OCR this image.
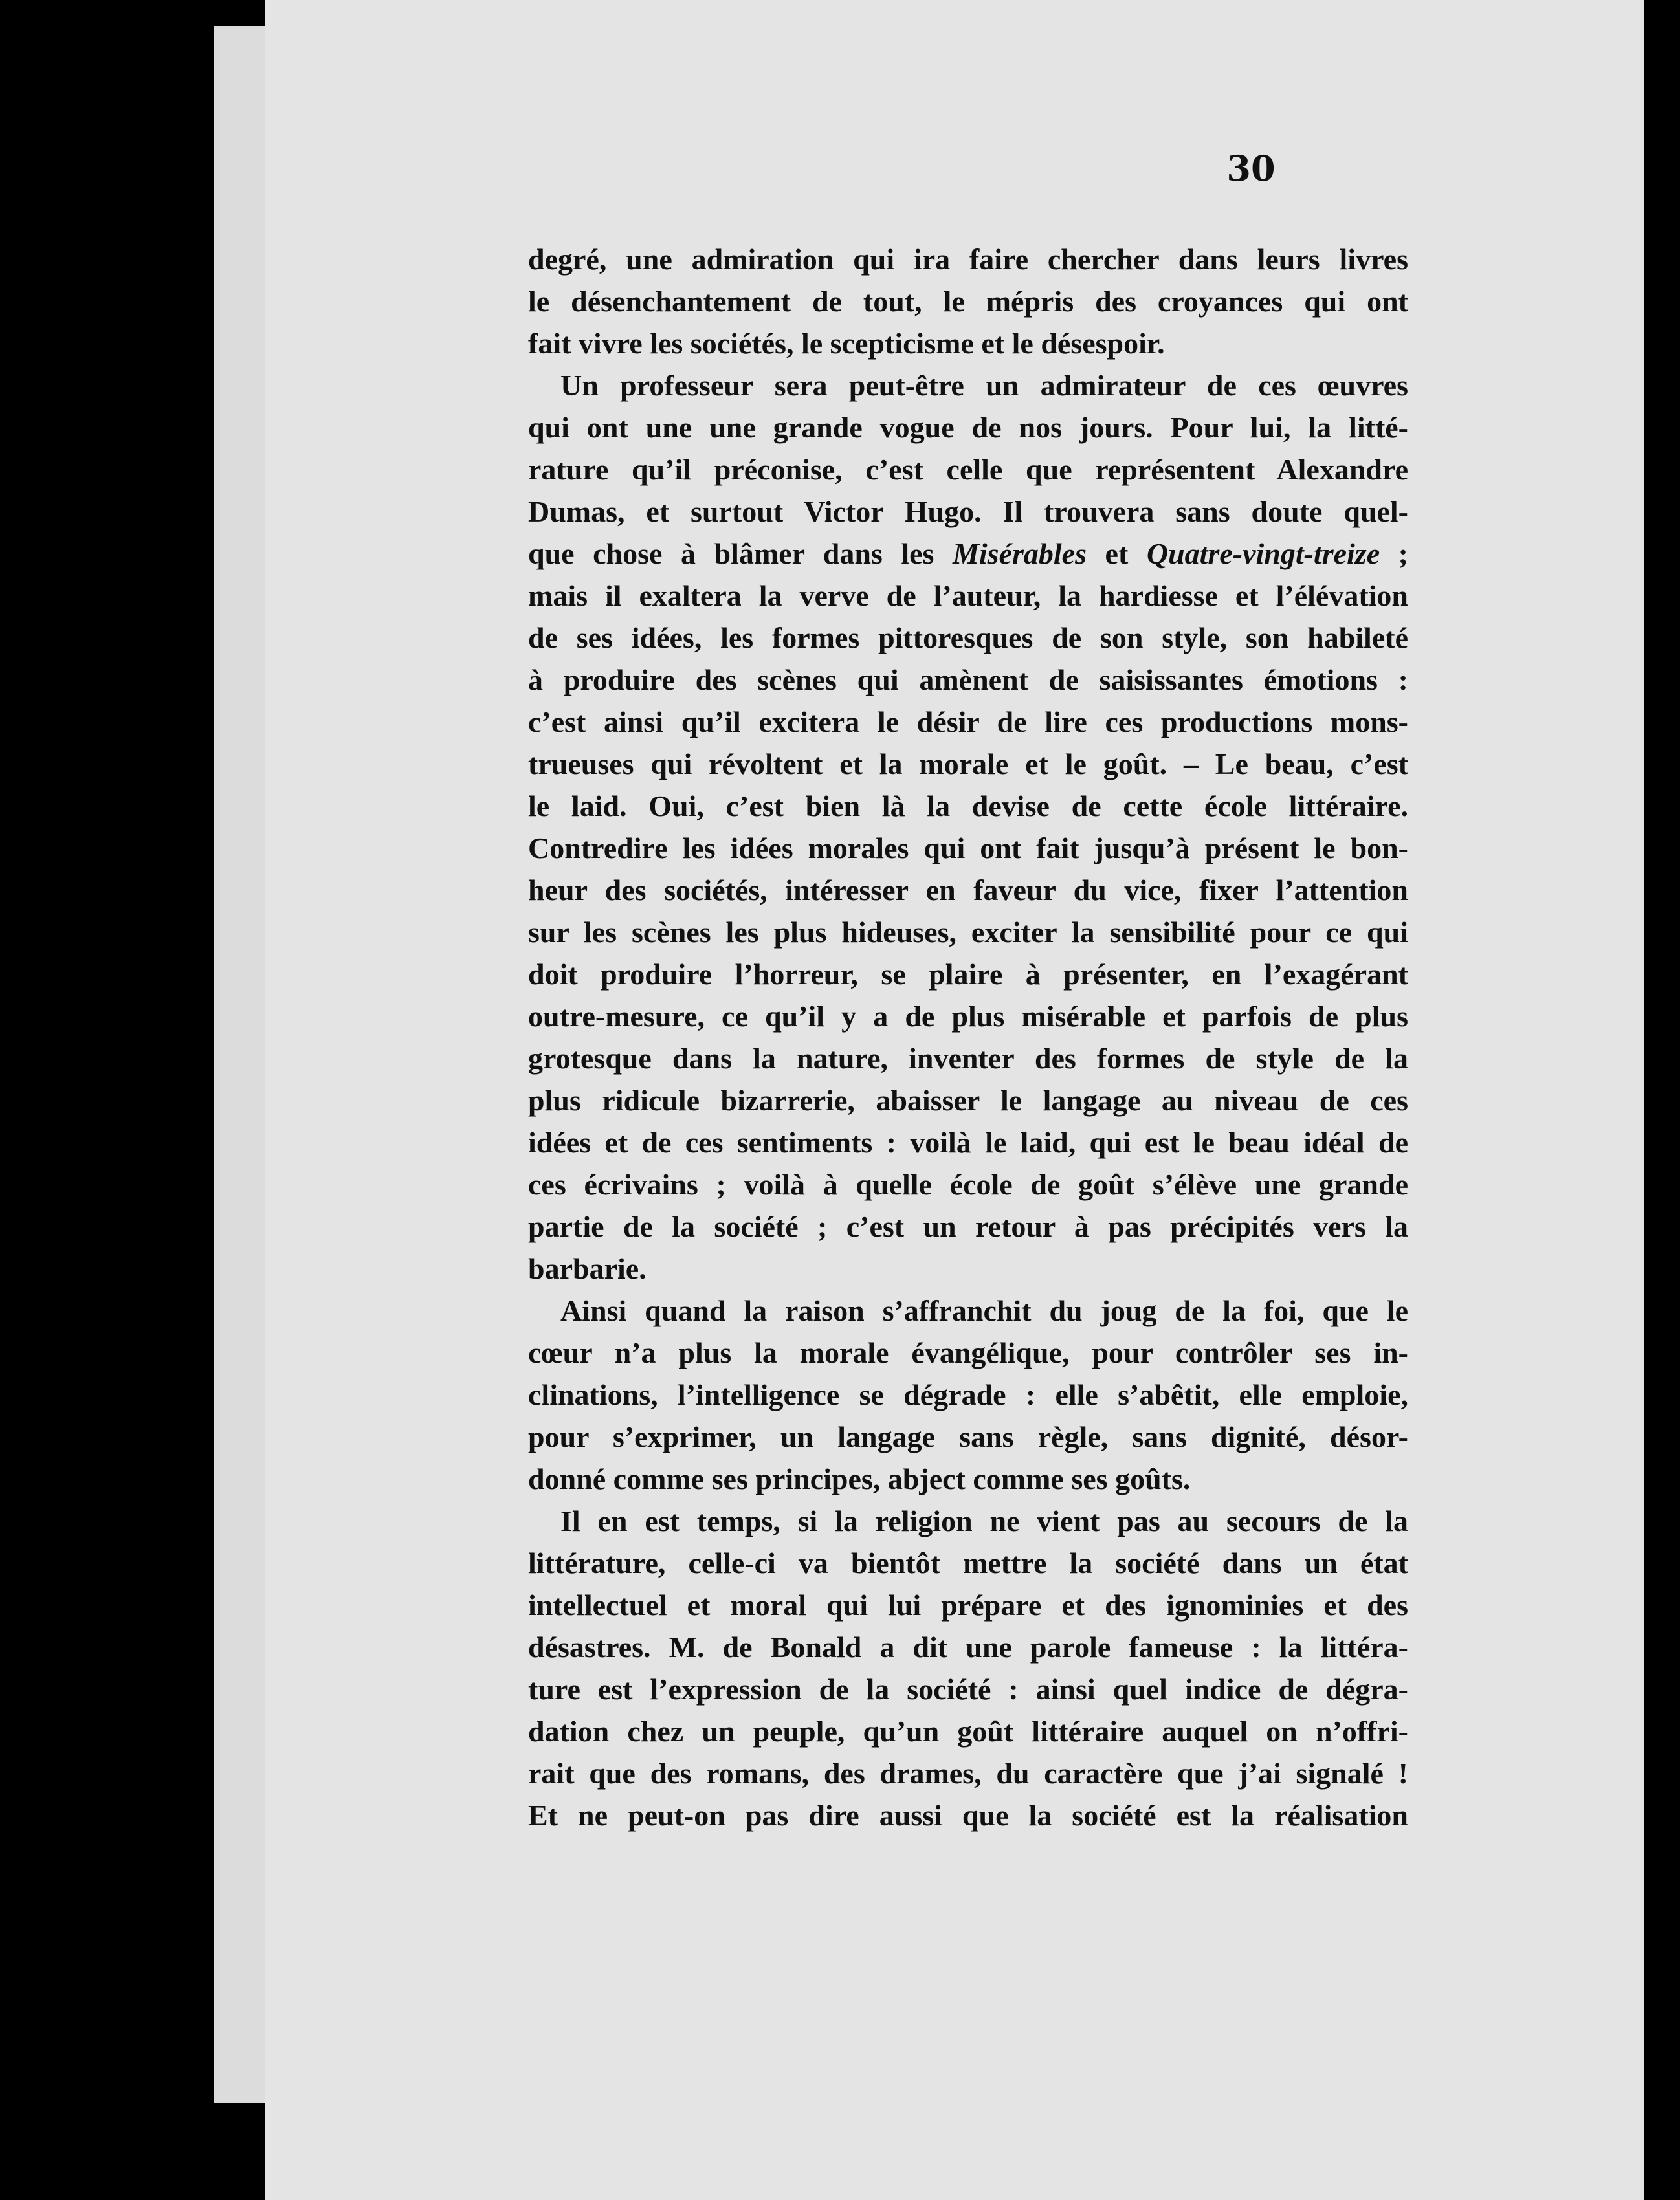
30
degré, une admiration qui ira faire chercher dans leurs livres
le désenchantement de tout, le mépris des croyances qui ont
fait vivre les sociétés, le scepticisme et le désespoir.
Un professeur sera peut-être un admirateur de ces œuvres
qui ont une une grande vogue de nos jours. Pour lui, la litté-
rature qu’il préconise, c’est celle que représentent Alexandre
Dumas, et surtout Victor Hugo. Il trouvera sans doute quel-
que chose à blâmer dans les Misérables et Quatre-vingt-treize ;
mais il exaltera la verve de l’auteur, la hardiesse et l’élévation
de ses idées, les formes pittoresques de son style, son habileté
à produire des scènes qui amènent de saisissantes émotions :
c’est ainsi qu’il excitera le désir de lire ces productions mons-
trueuses qui révoltent et la morale et le goût. – Le beau, c’est
le laid. Oui, c’est bien là la devise de cette école littéraire.
Contredire les idées morales qui ont fait jusqu’à présent le bon-
heur des sociétés, intéresser en faveur du vice, fixer l’attention
sur les scènes les plus hideuses, exciter la sensibilité pour ce qui
doit produire l’horreur, se plaire à présenter, en l’exagérant
outre-mesure, ce qu’il y a de plus misérable et parfois de plus
grotesque dans la nature, inventer des formes de style de la
plus ridicule bizarrerie, abaisser le langage au niveau de ces
idées et de ces sentiments : voilà le laid, qui est le beau idéal de
ces écrivains ; voilà à quelle école de goût s’élève une grande
partie de la société ; c’est un retour à pas précipités vers la
barbarie.
Ainsi quand la raison s’affranchit du joug de la foi, que le
cœur n’a plus la morale évangélique, pour contrôler ses in-
clinations, l’intelligence se dégrade : elle s’abêtit, elle emploie,
pour s’exprimer, un langage sans règle, sans dignité, désor-
donné comme ses principes, abject comme ses goûts.
Il en est temps, si la religion ne vient pas au secours de la
littérature, celle-ci va bientôt mettre la société dans un état
intellectuel et moral qui lui prépare et des ignominies et des
désastres. M. de Bonald a dit une parole fameuse : la littéra-
ture est l’expression de la société : ainsi quel indice de dégra-
dation chez un peuple, qu’un goût littéraire auquel on n’offri-
rait que des romans, des drames, du caractère que j’ai signalé !
Et ne peut-on pas dire aussi que la société est la réalisation
